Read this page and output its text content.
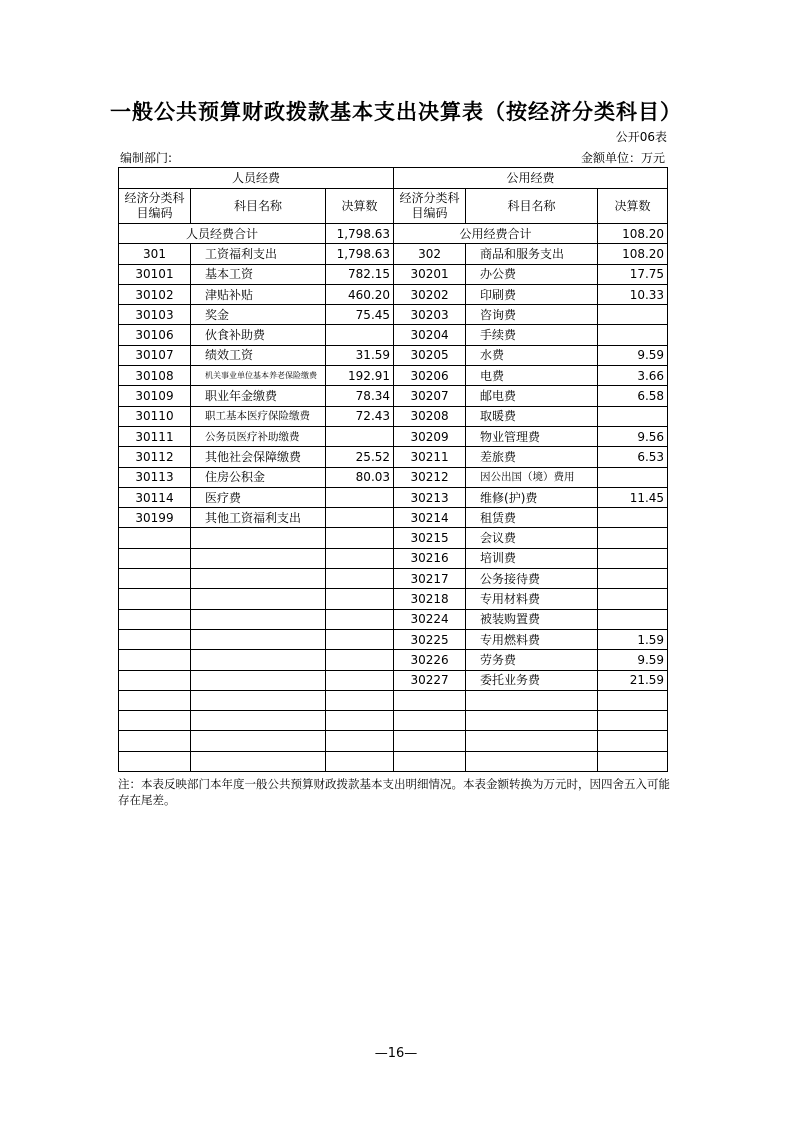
一般公共预算财政拨款基本支出决算表（按经济分类科目）
公开06表
编制部门:	金额单位：万元
人员经费			公用经费		
经济分类科目编码	科目名称	决算数	经济分类科目编码	科目名称	决算数
人员经费合计		1,798.63	公用经费合计		108.20
301	工资福利支出	1,798.63	302	商品和服务支出	108.20
30101	基本工资	782.15	30201	办公费	17.75
30102	津贴补贴	460.20	30202	印刷费	10.33
30103	奖金	75.45	30203	咨询费	
30106	伙食补助费		30204	手续费	
30107	绩效工资	31.59	30205	水费	9.59
30108	机关事业单位基本养老保险缴费	192.91	30206	电费	3.66
30109	职业年金缴费	78.34	30207	邮电费	6.58
30110	职工基本医疗保险缴费	72.43	30208	取暖费	
30111	公务员医疗补助缴费		30209	物业管理费	9.56
30112	其他社会保障缴费	25.52	30211	差旅费	6.53
30113	住房公积金	80.03	30212	因公出国（境）费用	
30114	医疗费		30213	维修(护)费	11.45
30199	其他工资福利支出		30214	租赁费	
			30215	会议费	
			30216	培训费	
			30217	公务接待费	
			30218	专用材料费	
			30224	被装购置费	
			30225	专用燃料费	1.59
			30226	劳务费	9.59
			30227	委托业务费	21.59

注：本表反映部门本年度一般公共预算财政拨款基本支出明细情况。本表金额转换为万元时，因四舍五入可能存在尾差。
—16—
